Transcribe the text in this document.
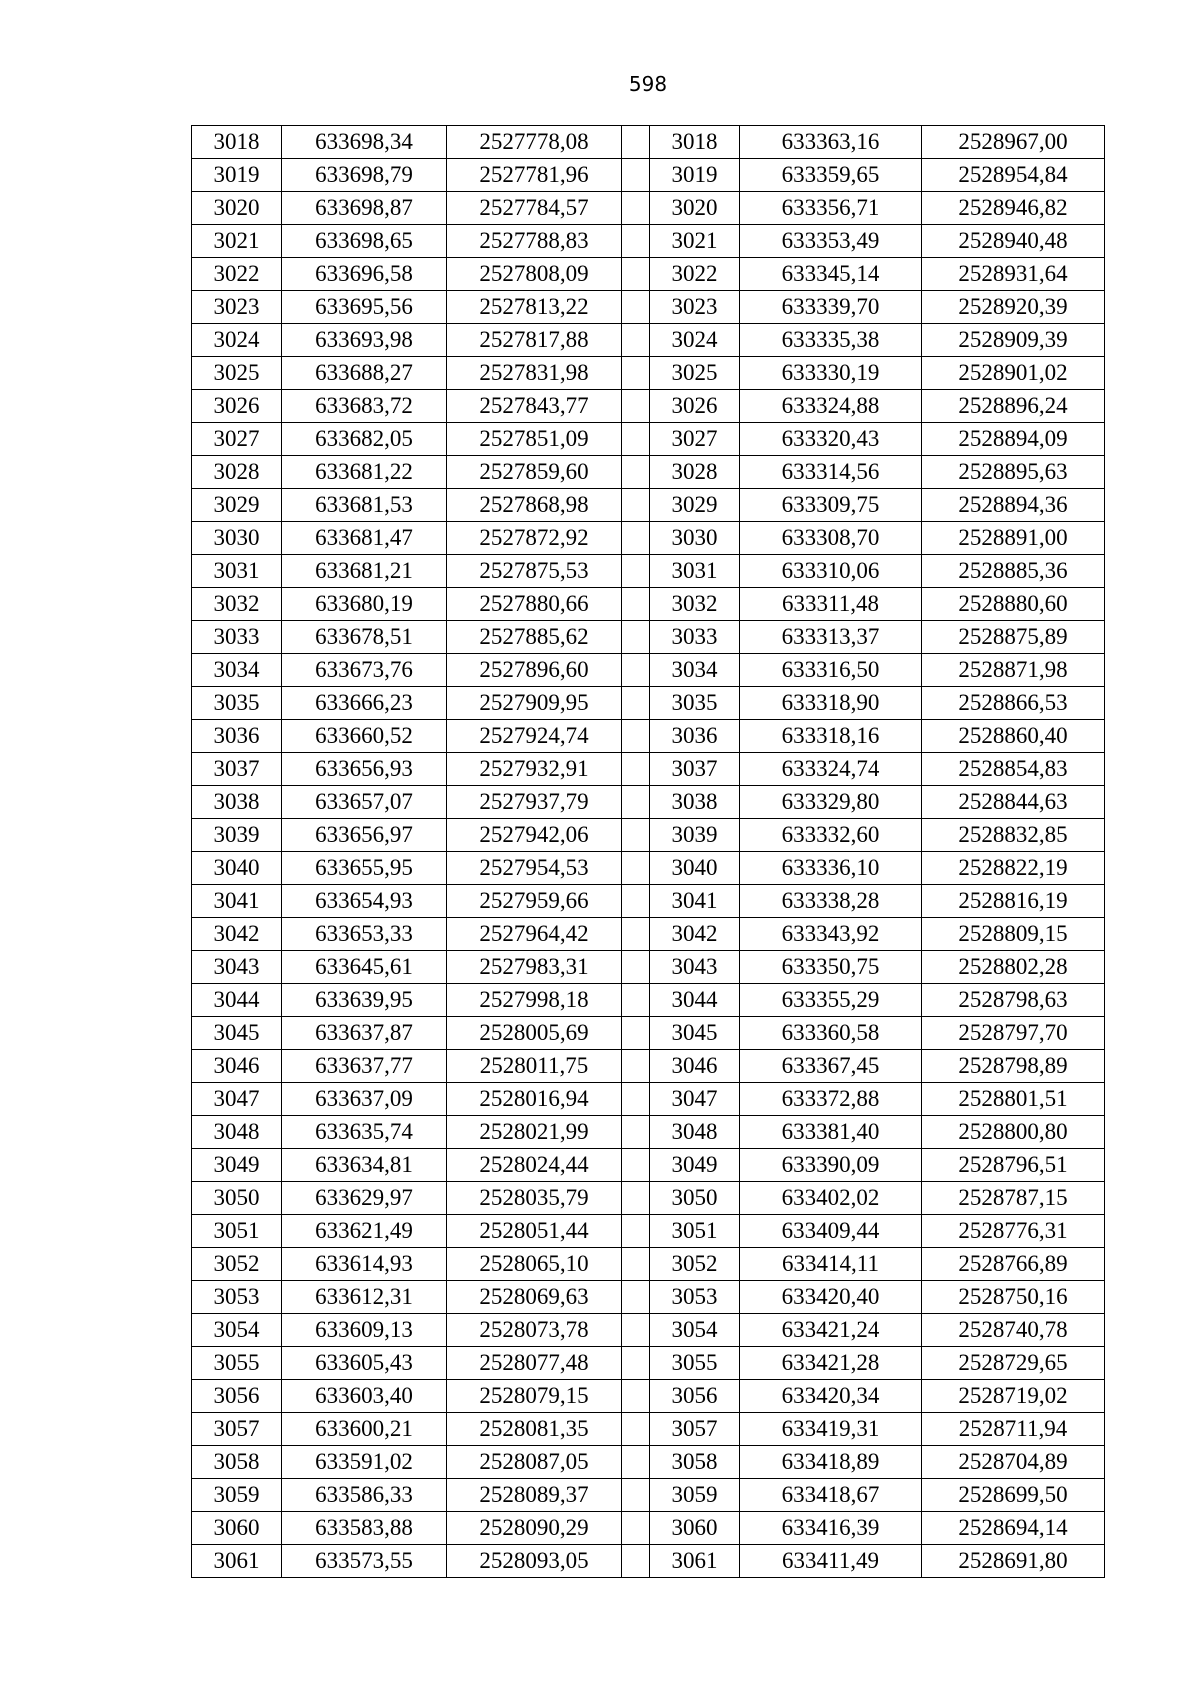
598
3018	633698,34	2527778,08		3018	633363,16	2528967,00
3019	633698,79	2527781,96		3019	633359,65	2528954,84
3020	633698,87	2527784,57		3020	633356,71	2528946,82
3021	633698,65	2527788,83		3021	633353,49	2528940,48
3022	633696,58	2527808,09		3022	633345,14	2528931,64
3023	633695,56	2527813,22		3023	633339,70	2528920,39
3024	633693,98	2527817,88		3024	633335,38	2528909,39
3025	633688,27	2527831,98		3025	633330,19	2528901,02
3026	633683,72	2527843,77		3026	633324,88	2528896,24
3027	633682,05	2527851,09		3027	633320,43	2528894,09
3028	633681,22	2527859,60		3028	633314,56	2528895,63
3029	633681,53	2527868,98		3029	633309,75	2528894,36
3030	633681,47	2527872,92		3030	633308,70	2528891,00
3031	633681,21	2527875,53		3031	633310,06	2528885,36
3032	633680,19	2527880,66		3032	633311,48	2528880,60
3033	633678,51	2527885,62		3033	633313,37	2528875,89
3034	633673,76	2527896,60		3034	633316,50	2528871,98
3035	633666,23	2527909,95		3035	633318,90	2528866,53
3036	633660,52	2527924,74		3036	633318,16	2528860,40
3037	633656,93	2527932,91		3037	633324,74	2528854,83
3038	633657,07	2527937,79		3038	633329,80	2528844,63
3039	633656,97	2527942,06		3039	633332,60	2528832,85
3040	633655,95	2527954,53		3040	633336,10	2528822,19
3041	633654,93	2527959,66		3041	633338,28	2528816,19
3042	633653,33	2527964,42		3042	633343,92	2528809,15
3043	633645,61	2527983,31		3043	633350,75	2528802,28
3044	633639,95	2527998,18		3044	633355,29	2528798,63
3045	633637,87	2528005,69		3045	633360,58	2528797,70
3046	633637,77	2528011,75		3046	633367,45	2528798,89
3047	633637,09	2528016,94		3047	633372,88	2528801,51
3048	633635,74	2528021,99		3048	633381,40	2528800,80
3049	633634,81	2528024,44		3049	633390,09	2528796,51
3050	633629,97	2528035,79		3050	633402,02	2528787,15
3051	633621,49	2528051,44		3051	633409,44	2528776,31
3052	633614,93	2528065,10		3052	633414,11	2528766,89
3053	633612,31	2528069,63		3053	633420,40	2528750,16
3054	633609,13	2528073,78		3054	633421,24	2528740,78
3055	633605,43	2528077,48		3055	633421,28	2528729,65
3056	633603,40	2528079,15		3056	633420,34	2528719,02
3057	633600,21	2528081,35		3057	633419,31	2528711,94
3058	633591,02	2528087,05		3058	633418,89	2528704,89
3059	633586,33	2528089,37		3059	633418,67	2528699,50
3060	633583,88	2528090,29		3060	633416,39	2528694,14
3061	633573,55	2528093,05		3061	633411,49	2528691,80
